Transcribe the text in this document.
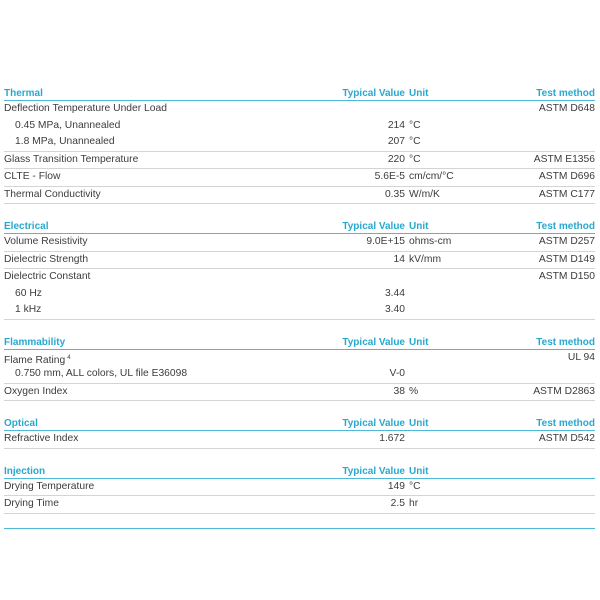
Thermal	Typical Value Unit	Test method
Deflection Temperature Under Load	ASTM D648
0.45 MPa, Unannealed	214 °C
1.8 MPa, Unannealed	207 °C
Glass Transition Temperature	220 °C	ASTM E1356
CLTE - Flow	5.6E-5 cm/cm/°C	ASTM D696
Thermal Conductivity	0.35 W/m/K	ASTM C177
Electrical	Typical Value Unit	Test method
Volume Resistivity	9.0E+15 ohms-cm	ASTM D257
Dielectric Strength	14 kV/mm	ASTM D149
Dielectric Constant	ASTM D150
60 Hz	3.44
1 kHz	3.40
Flammability	Typical Value Unit	Test method
Flame Rating $^4$	UL 94
0.750 mm, ALL colors, UL file E36098	V-0
Oxygen Index	38 %	ASTM D2863
Optical	Typical Value Unit	Test method
Refractive Index	1.672	ASTM D542
Injection	Typical Value Unit
Drying Temperature	149 °C
Drying Time	2.5 hr
